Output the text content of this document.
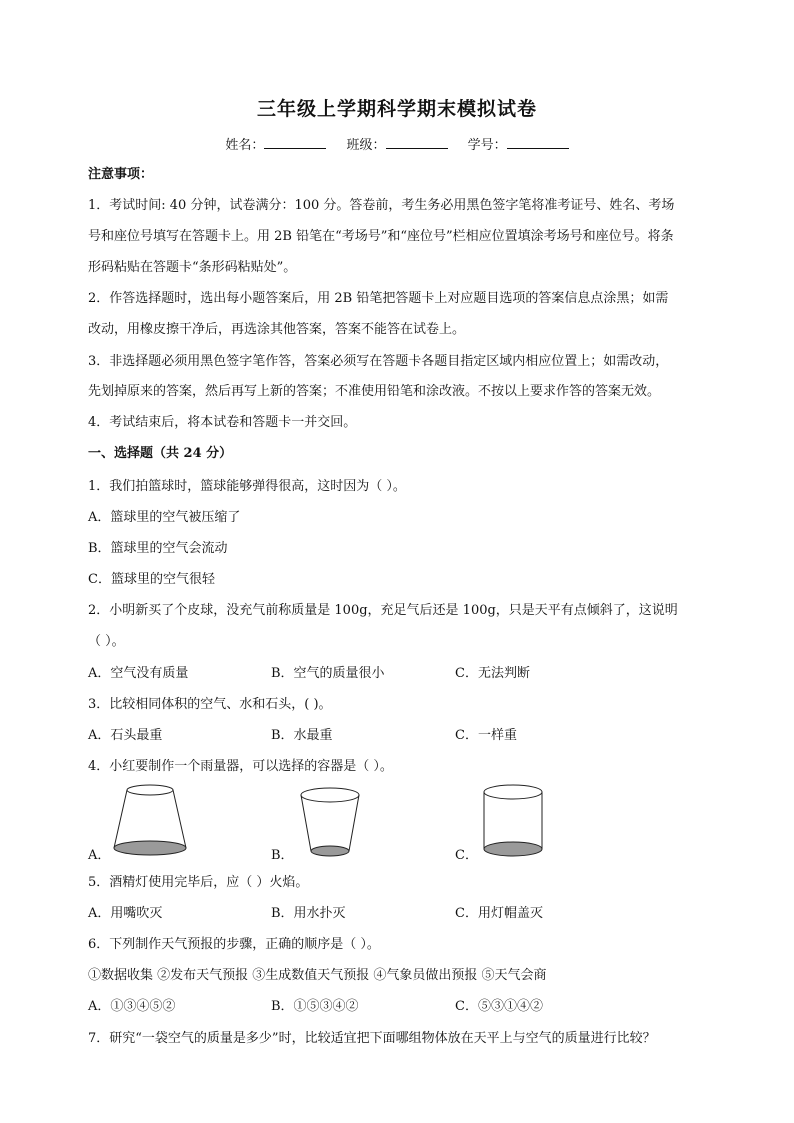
三年级上学期科学期末模拟试卷
姓名：	班级：	学号：
注意事项：
1．考试时间: 40 分钟，试卷满分：100 分。答卷前，考生务必用黑色签字笔将准考证号、姓名、考场
号和座位号填写在答题卡上。用 2B 铅笔在“考场号”和“座位号”栏相应位置填涂考场号和座位号。将条
形码粘贴在答题卡“条形码粘贴处”。
2．作答选择题时，选出每小题答案后，用 2B 铅笔把答题卡上对应题目选项的答案信息点涂黑；如需
改动，用橡皮擦干净后，再选涂其他答案，答案不能答在试卷上。
3．非选择题必须用黑色签字笔作答，答案必须写在答题卡各题目指定区域内相应位置上；如需改动，
先划掉原来的答案，然后再写上新的答案；不准使用铅笔和涂改液。不按以上要求作答的答案无效。
4．考试结束后，将本试卷和答题卡一并交回。
一、选择题（共 24 分）
1．我们拍篮球时，篮球能够弹得很高，这时因为（ ）。
A．篮球里的空气被压缩了
B．篮球里的空气会流动
C．篮球里的空气很轻
2．小明新买了个皮球，没充气前称质量是 100g，充足气后还是 100g，只是天平有点倾斜了，这说明
（ ）。
A．空气没有质量	B．空气的质量很小	C．无法判断
3．比较相同体积的空气、水和石头，( )。
A．石头最重	B．水最重	C．一样重
4．小红要制作一个雨量器，可以选择的容器是（ ）。
A．	B．	C．
5．酒精灯使用完毕后，应（ ）火焰。
A．用嘴吹灭	B．用水扑灭	C．用灯帽盖灭
6．下列制作天气预报的步骤，正确的顺序是（ ）。
①数据收集 ②发布天气预报 ③生成数值天气预报 ④气象员做出预报 ⑤天气会商
A．①③④⑤②	B．①⑤③④②	C．⑤③①④②
7．研究“一袋空气的质量是多少”时，比较适宜把下面哪组物体放在天平上与空气的质量进行比较？
